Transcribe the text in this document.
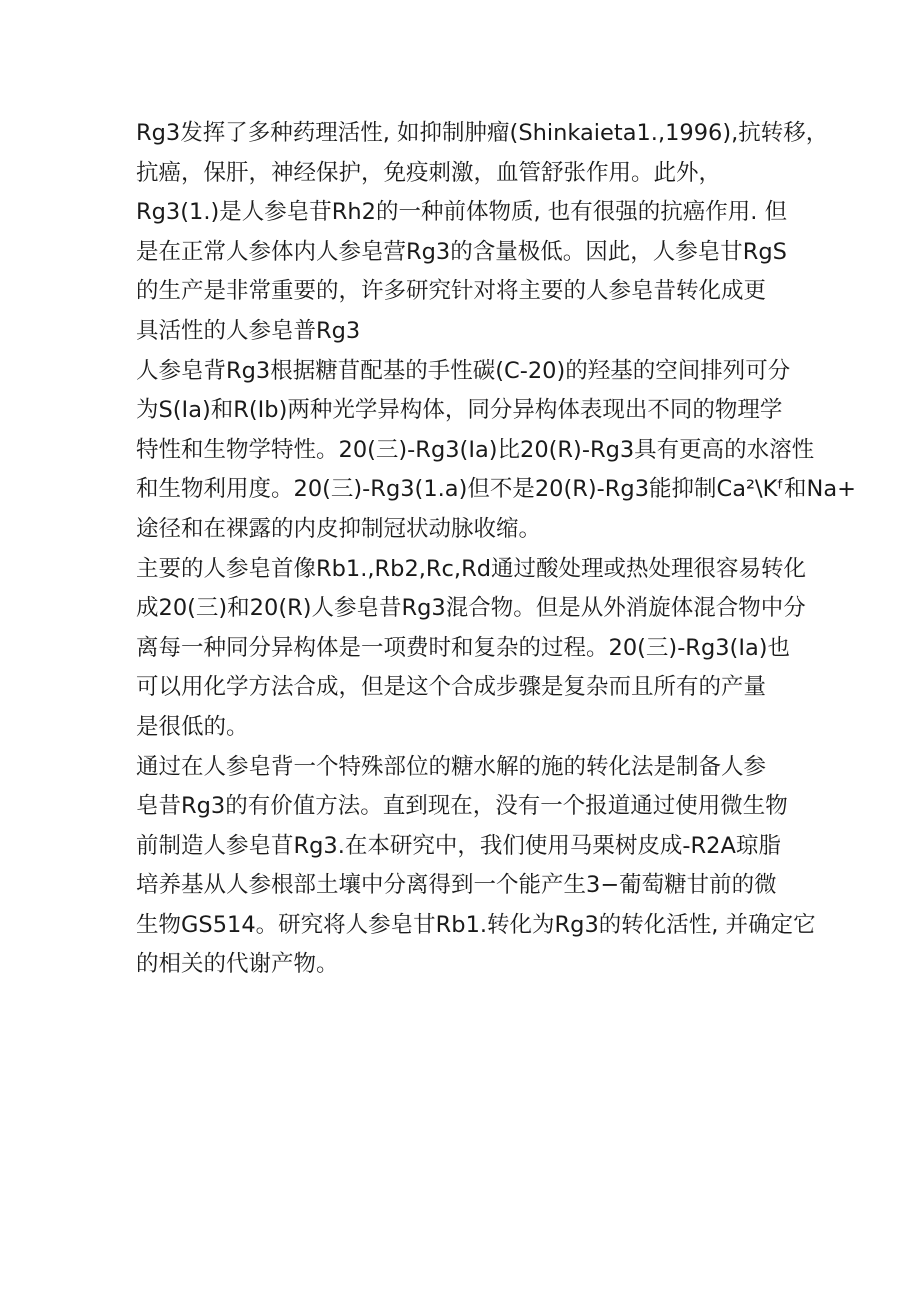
Rg3发挥了多种药理活性, 如抑制肿瘤(Shinkaieta1.,1996),抗转移，
抗癌，保肝，神经保护，免疫刺激，血管舒张作用。此外，
Rg3(1.)是人参皂苷Rh2的一种前体物质, 也有很强的抗癌作用. 但
是在正常人参体内人参皂营Rg3的含量极低。因此，人参皂甘RgS
的生产是非常重要的，许多研究针对将主要的人参皂昔转化成更
具活性的人参皂普Rg3

人参皂背Rg3根据糖苜配基的手性碳(C-20)的羟基的空间排列可分
为S(Ia)和R(Ib)两种光学异构体，同分异构体表现出不同的物理学
特性和生物学特性。20(三)-Rg3(Ia)比20(R)-Rg3具有更高的水溶性
和生物利用度。20(三)-Rg3(1.a)但不是20(R)-Rg3能抑制Ca²\Kᶠ和Na+
途径和在裸露的内皮抑制冠状动脉收缩。

主要的人参皂首像Rb1.,Rb2,Rc,Rd通过酸处理或热处理很容易转化
成20(三)和20(R)人参皂昔Rg3混合物。但是从外消旋体混合物中分
离每一种同分异构体是一项费时和复杂的过程。20(三)-Rg3(Ia)也
可以用化学方法合成，但是这个合成步骤是复杂而且所有的产量
是很低的。

通过在人参皂背一个特殊部位的糖水解的施的转化法是制备人参
皂昔Rg3的有价值方法。直到现在，没有一个报道通过使用微生物
前制造人参皂苜Rg3.在本研究中，我们使用马栗树皮成-R2A琼脂
培养基从人参根部土壤中分离得到一个能产生3−葡萄糖甘前的微
生物GS514。研究将人参皂甘Rb1.转化为Rg3的转化活性, 并确定它
的相关的代谢产物。
